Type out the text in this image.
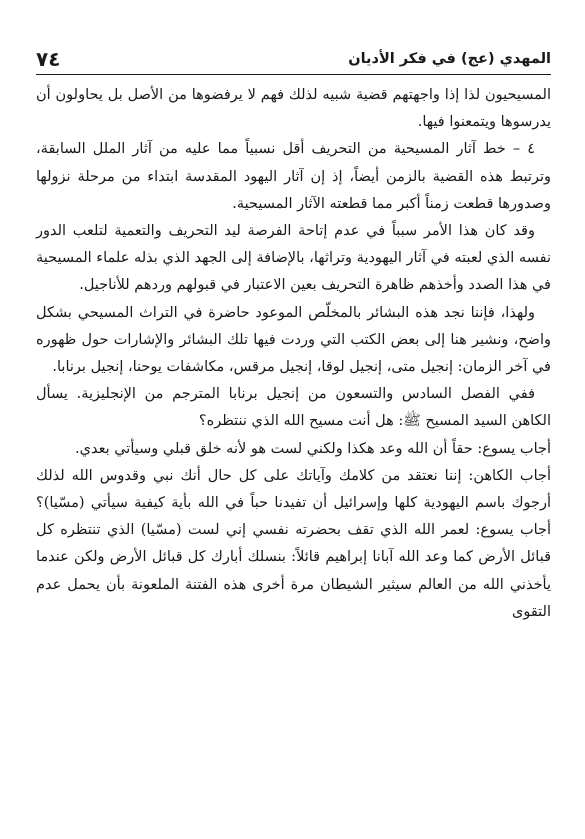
المهدي (عج) في فكر الأديان
٧٤

المسيحيون لذا إذا واجهتهم قضية شبيه لذلك فهم لا يرفضوها من الأصل بل يحاولون أن يدرسوها ويتمعنوا فيها.

٤ – خط آثار المسيحية من التحريف أقل نسبياً مما عليه من آثار الملل السابقة، وترتبط هذه القضية بالزمن أيضاً، إذ إن آثار اليهود المقدسة ابتداء من مرحلة نزولها وصدورها قطعت زمناً أكبر مما قطعته الآثار المسيحية.

وقد كان هذا الأمر سبباً في عدم إتاحة الفرصة ليد التحريف والتعمية لتلعب الدور نفسه الذي لعبته في آثار اليهودية وتراثها، بالإضافة إلى الجهد الذي بذله علماء المسيحية في هذا الصدد وأخذهم ظاهرة التحريف بعين الاعتبار في قبولهم وردهم للأناجيل.

ولهذا، فإننا نجد هذه البشائر بالمخلّص الموعود حاضرة في التراث المسيحي بشكل واضح، ونشير هنا إلى بعض الكتب التي وردت فيها تلك البشائر والإشارات حول ظهوره في آخر الزمان: إنجيل متى، إنجيل لوقا، إنجيل مرقس، مكاشفات يوحنا، إنجيل برنابا.

ففي الفصل السادس والتسعون من إنجيل برنابا المترجم من الإنجليزية. يسأل الكاهن السيد المسيح ﷺ: هل أنت مسيح الله الذي ننتظره؟

أجاب يسوع: حقاً أن الله وعد هكذا ولكني لست هو لأنه خلق قبلي وسيأتي بعدي.

أجاب الكاهن: إننا نعتقد من كلامك وآياتك على كل حال أنك نبي وقدوس الله لذلك أرجوك باسم اليهودية كلها وإسرائيل أن تفيدنا حباً في الله بأية كيفية سيأتي (مسّيا)؟ أجاب يسوع: لعمر الله الذي تقف بحضرته نفسي إني لست (مسّيا) الذي تنتظره كل قبائل الأرض كما وعد الله آبانا إبراهيم قائلاً: بنسلك أبارك كل قبائل الأرض ولكن عندما يأخذني الله من العالم سيثير الشيطان مرة أخرى هذه الفتنة الملعونة بأن يحمل عدم التقوى
